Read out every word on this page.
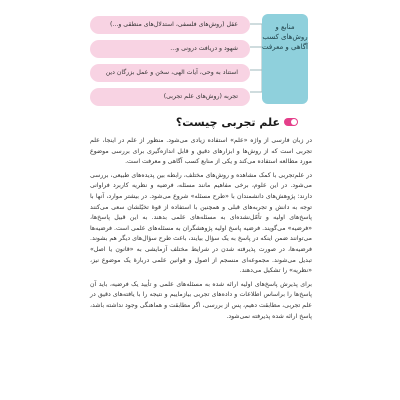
عقل (روش‌های فلسفی، استدلال‌های منطقی و...)
شهود و دریافت درونی و...
استناد به وحی، آیات الهی، سخن و عمل بزرگان دین
تجربه (روش‌های علم تجربی)
منابع و روش‌های کسب آگاهی و معرفت
علم تجربی چیست؟

در زبان فارسی از واژه «علم» استفاده زیادی می‌شود. منظور از علم در اینجا، علم تجربی است که از روش‌ها و ابزارهای دقیق و قابل اندازه‌گیری برای بررسی موضوع مورد مطالعه استفاده می‌کند و یکی از منابع کسب آگاهی و معرفت است.

در علم‌تجربی با کمک مشاهده و روش‌های مختلف، رابطه بین پدیده‌های طبیعی، بررسی می‌شود. در این علوم، برخی مفاهیم مانند مسئله، فرضیه و نظریه کاربرد فراوانی دارند: پژوهش‌های دانشمندان با «طرح مسئله» شروع می‌شود. در بیشتر موارد، آنها با توجه به دانش و تجربه‌های قبلی و همچنین با استفاده از قوهٔ تخیّلشان سعی می‌کنند پاسخ‌های اولیه و تأمّل‌نشده‌ای به مسئله‌های علمی بدهند. به این قبیل پاسخ‌ها، «فرضیه» می‌گویند. فرضیه پاسخ اولیه پژوهشگران به مسئله‌های علمی است. فرضیه‌ها می‌توانند ضمن اینکه در پاسخ به یک سؤال بیایند، باعث طرح سؤال‌های دیگر هم بشوند. فرضیه‌ها، در صورت پذیرفته شدن در شرایط مختلف آزمایشی به «قانون یا اصل» تبدیل می‌شوند. مجموعه‌ای منسجم از اصول و قوانین علمی دربارهٔ یک موضوع نیز، «نظریه» را تشکیل می‌دهند.

برای پذیرش پاسخ‌های اولیه ارائه شده به مسئله‌های علمی و تأیید یک فرضیه، باید آن پاسخ‌ها را براساس اطلاعات و داده‌های تجربی بیازماییم و نتیجه را با یافته‌های دقیق در علم تجربی، مطابقت دهیم، پس از بررسی، اگر مطابقت و هماهنگی وجود نداشته باشد، پاسخ ارائه شده پذیرفته نمی‌شود.
